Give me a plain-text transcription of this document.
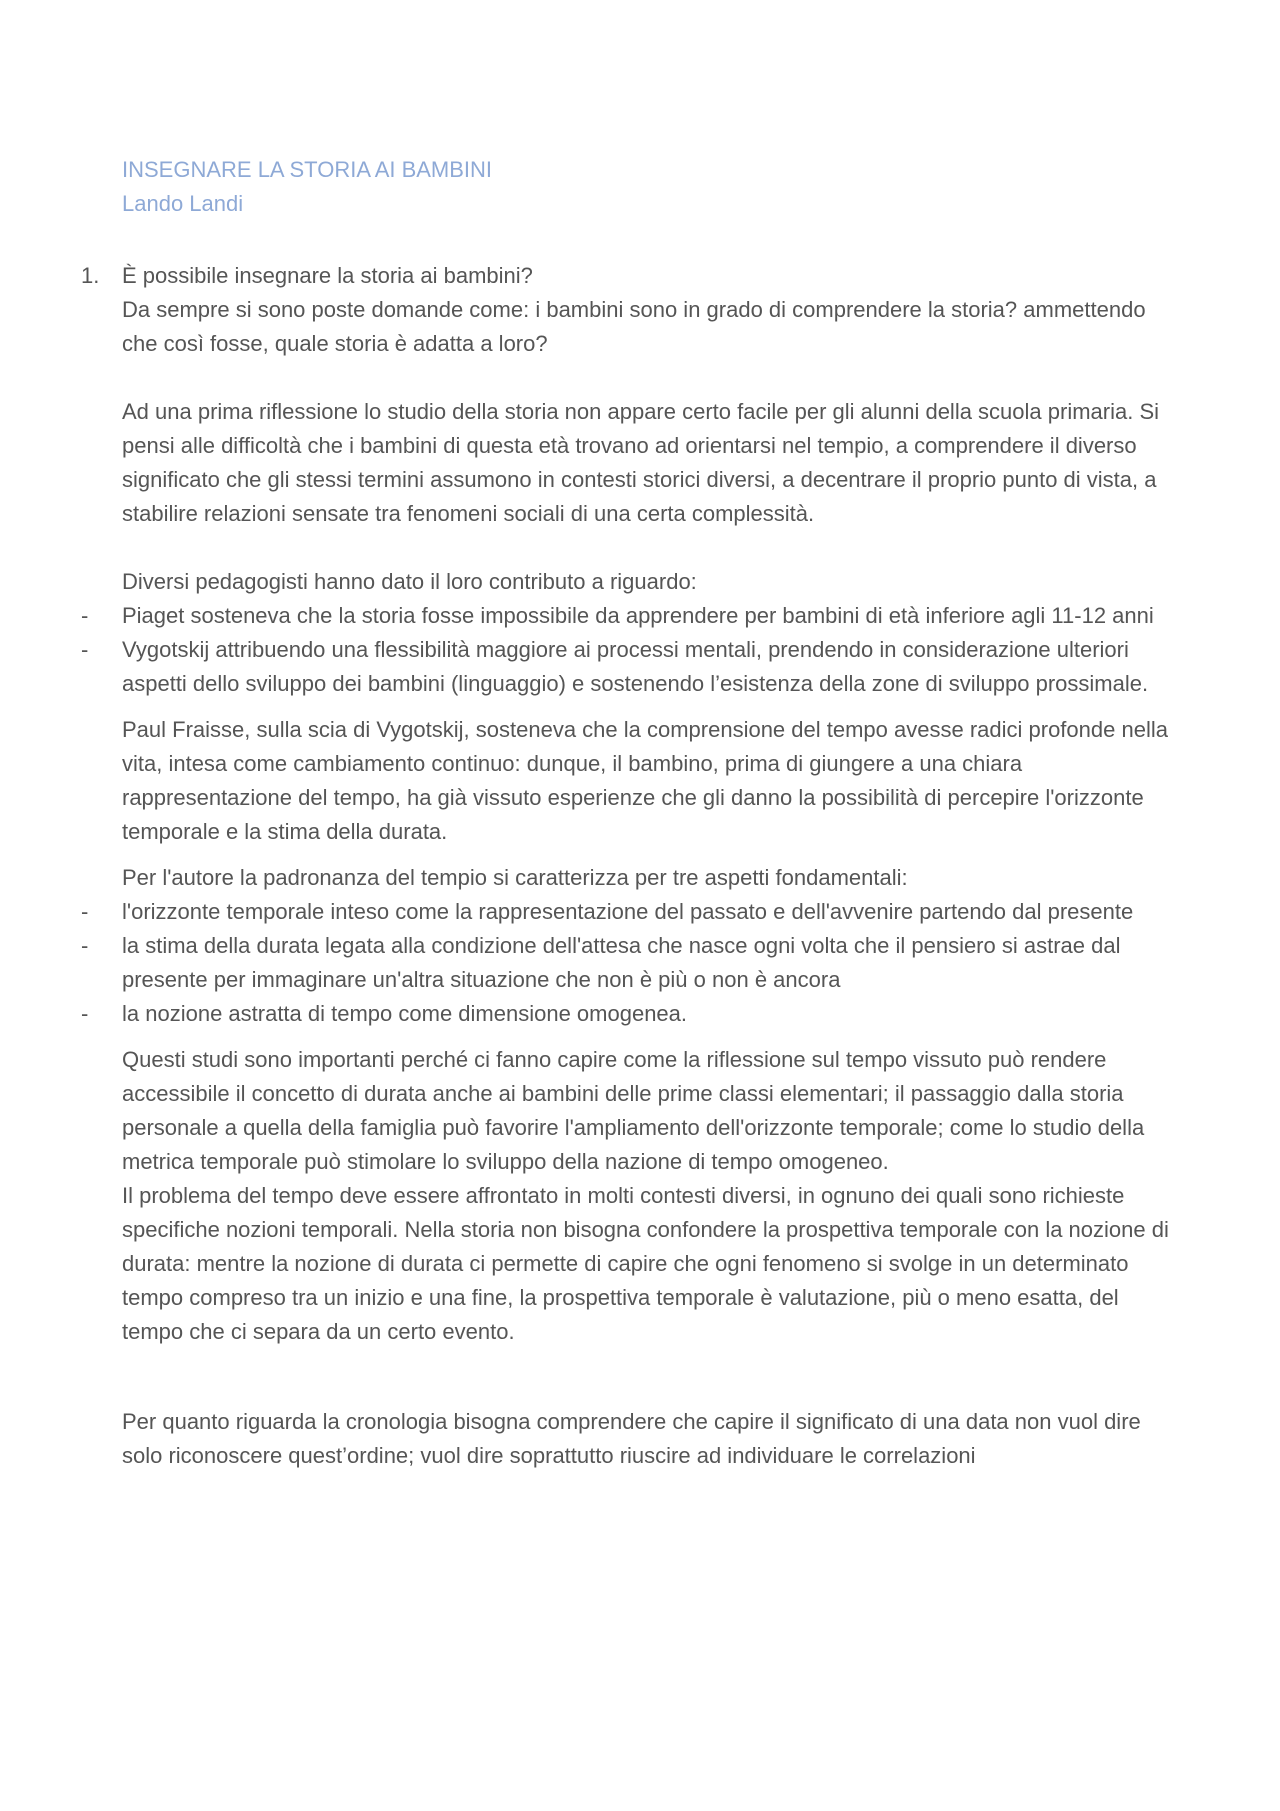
INSEGNARE LA STORIA AI BAMBINI

Lando Landi

1. È possibile insegnare la storia ai bambini?

Da sempre si sono poste domande come: i bambini sono in grado di comprendere la storia? ammettendo che così fosse, quale storia è adatta a loro?

Ad una prima riflessione lo studio della storia non appare certo facile per gli alunni della scuola primaria. Si pensi alle difficoltà che i bambini di questa età trovano ad orientarsi nel tempio, a comprendere il diverso significato che gli stessi termini assumono in contesti storici diversi, a decentrare il proprio punto di vista, a stabilire relazioni sensate tra fenomeni sociali di una certa complessità.

Diversi pedagogisti hanno dato il loro contributo a riguardo:

- Piaget sosteneva che la storia fosse impossibile da apprendere per bambini di età inferiore agli 11-12 anni

- Vygotskij attribuendo una flessibilità maggiore ai processi mentali, prendendo in considerazione ulteriori aspetti dello sviluppo dei bambini (linguaggio) e sostenendo l’esistenza della zone di sviluppo prossimale.

Paul Fraisse, sulla scia di Vygotskij, sosteneva che la comprensione del tempo avesse radici profonde nella vita, intesa come cambiamento continuo: dunque, il bambino, prima di giungere a una chiara rappresentazione del tempo, ha già vissuto esperienze che gli danno la possibilità di percepire l'orizzonte temporale e la stima della durata.

Per l'autore la padronanza del tempio si caratterizza per tre aspetti fondamentali:

- l'orizzonte temporale inteso come la rappresentazione del passato e dell'avvenire partendo dal presente

- la stima della durata legata alla condizione dell'attesa che nasce ogni volta che il pensiero si astrae dal presente per immaginare un'altra situazione che non è più o non è ancora

- la nozione astratta di tempo come dimensione omogenea.

Questi studi sono importanti perché ci fanno capire come la riflessione sul tempo vissuto può rendere accessibile il concetto di durata anche ai bambini delle prime classi elementari; il passaggio dalla storia personale a quella della famiglia può favorire l'ampliamento dell'orizzonte temporale; come lo studio della metrica temporale può stimolare lo sviluppo della nazione di tempo omogeneo.

Il problema del tempo deve essere affrontato in molti contesti diversi, in ognuno dei quali sono richieste specifiche nozioni temporali. Nella storia non bisogna confondere la prospettiva temporale con la nozione di durata: mentre la nozione di durata ci permette di capire che ogni fenomeno si svolge in un determinato tempo compreso tra un inizio e una fine, la prospettiva temporale è valutazione, più o meno esatta, del tempo che ci separa da un certo evento.

Per quanto riguarda la cronologia bisogna comprendere che capire il significato di una data non vuol dire solo riconoscere quest’ordine; vuol dire soprattutto riuscire ad individuare le correlazioni
